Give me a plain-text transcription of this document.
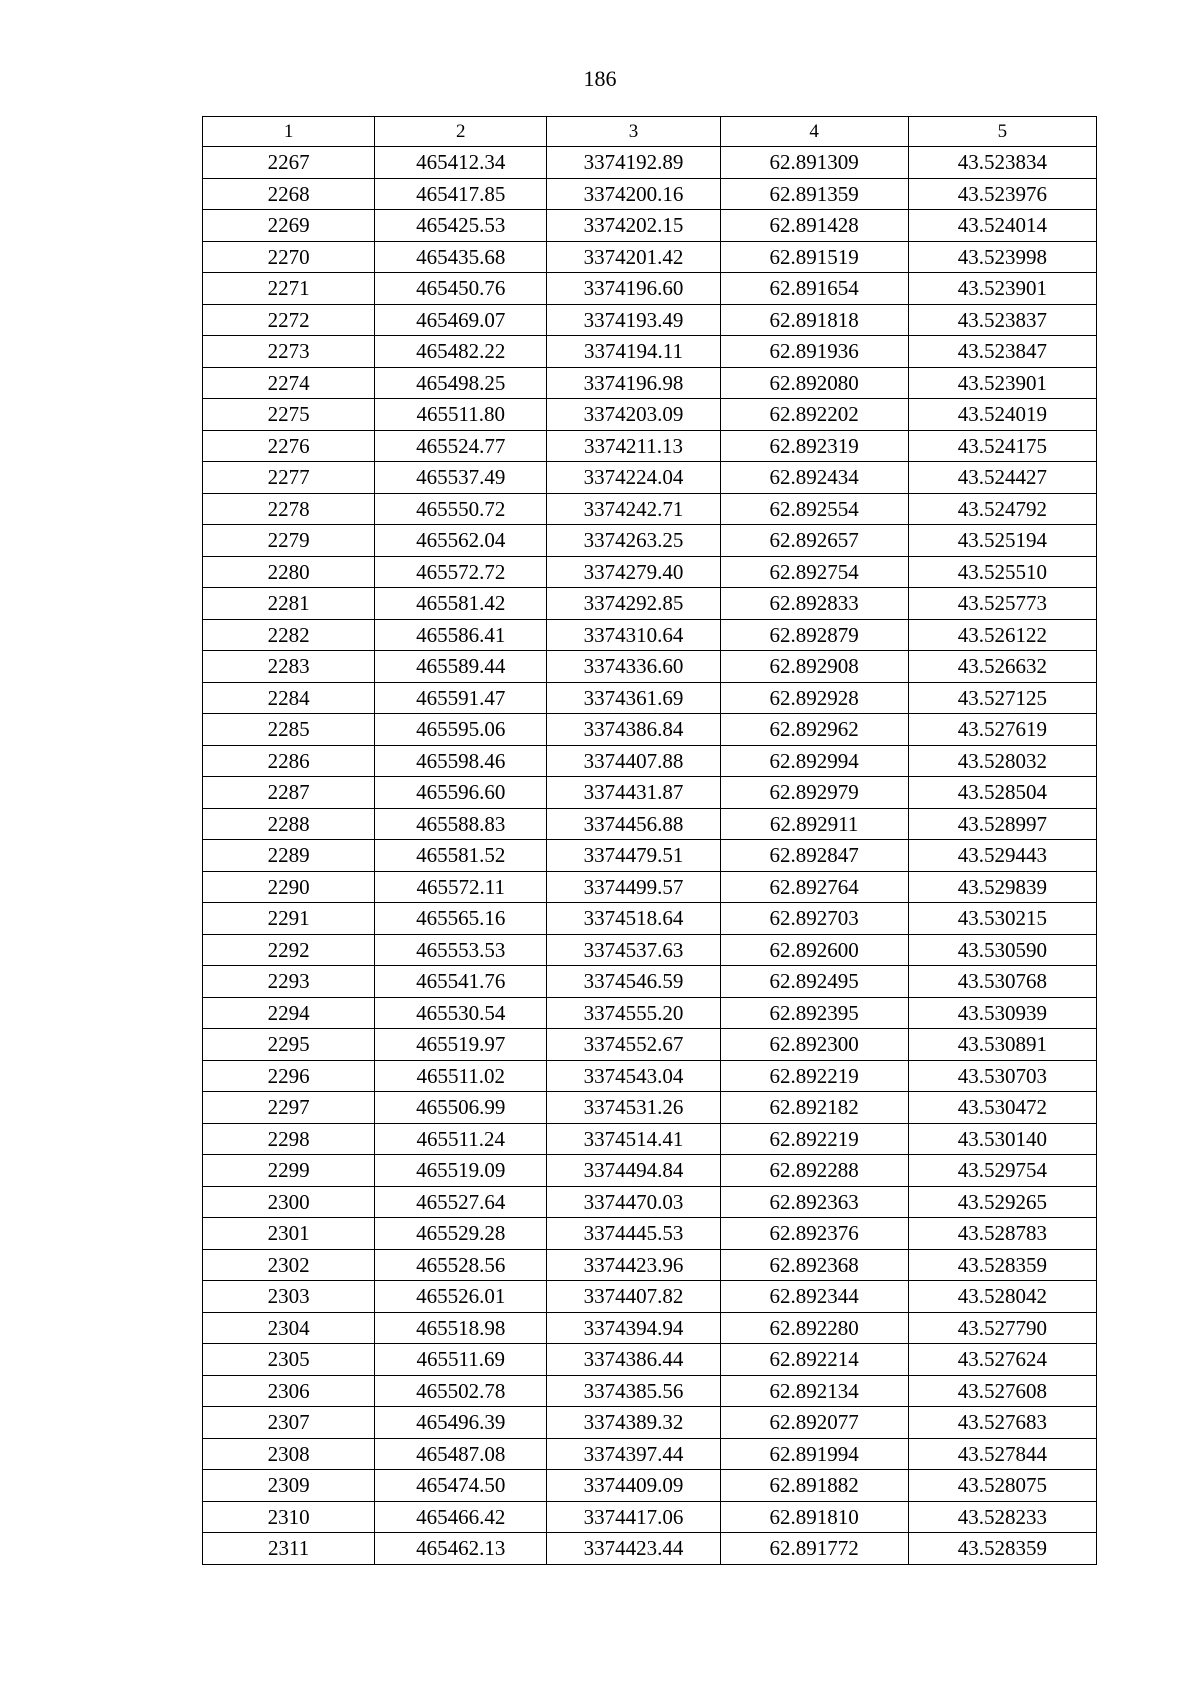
186
1	2	3	4	5
2267	465412.34	3374192.89	62.891309	43.523834
2268	465417.85	3374200.16	62.891359	43.523976
2269	465425.53	3374202.15	62.891428	43.524014
2270	465435.68	3374201.42	62.891519	43.523998
2271	465450.76	3374196.60	62.891654	43.523901
2272	465469.07	3374193.49	62.891818	43.523837
2273	465482.22	3374194.11	62.891936	43.523847
2274	465498.25	3374196.98	62.892080	43.523901
2275	465511.80	3374203.09	62.892202	43.524019
2276	465524.77	3374211.13	62.892319	43.524175
2277	465537.49	3374224.04	62.892434	43.524427
2278	465550.72	3374242.71	62.892554	43.524792
2279	465562.04	3374263.25	62.892657	43.525194
2280	465572.72	3374279.40	62.892754	43.525510
2281	465581.42	3374292.85	62.892833	43.525773
2282	465586.41	3374310.64	62.892879	43.526122
2283	465589.44	3374336.60	62.892908	43.526632
2284	465591.47	3374361.69	62.892928	43.527125
2285	465595.06	3374386.84	62.892962	43.527619
2286	465598.46	3374407.88	62.892994	43.528032
2287	465596.60	3374431.87	62.892979	43.528504
2288	465588.83	3374456.88	62.892911	43.528997
2289	465581.52	3374479.51	62.892847	43.529443
2290	465572.11	3374499.57	62.892764	43.529839
2291	465565.16	3374518.64	62.892703	43.530215
2292	465553.53	3374537.63	62.892600	43.530590
2293	465541.76	3374546.59	62.892495	43.530768
2294	465530.54	3374555.20	62.892395	43.530939
2295	465519.97	3374552.67	62.892300	43.530891
2296	465511.02	3374543.04	62.892219	43.530703
2297	465506.99	3374531.26	62.892182	43.530472
2298	465511.24	3374514.41	62.892219	43.530140
2299	465519.09	3374494.84	62.892288	43.529754
2300	465527.64	3374470.03	62.892363	43.529265
2301	465529.28	3374445.53	62.892376	43.528783
2302	465528.56	3374423.96	62.892368	43.528359
2303	465526.01	3374407.82	62.892344	43.528042
2304	465518.98	3374394.94	62.892280	43.527790
2305	465511.69	3374386.44	62.892214	43.527624
2306	465502.78	3374385.56	62.892134	43.527608
2307	465496.39	3374389.32	62.892077	43.527683
2308	465487.08	3374397.44	62.891994	43.527844
2309	465474.50	3374409.09	62.891882	43.528075
2310	465466.42	3374417.06	62.891810	43.528233
2311	465462.13	3374423.44	62.891772	43.528359
